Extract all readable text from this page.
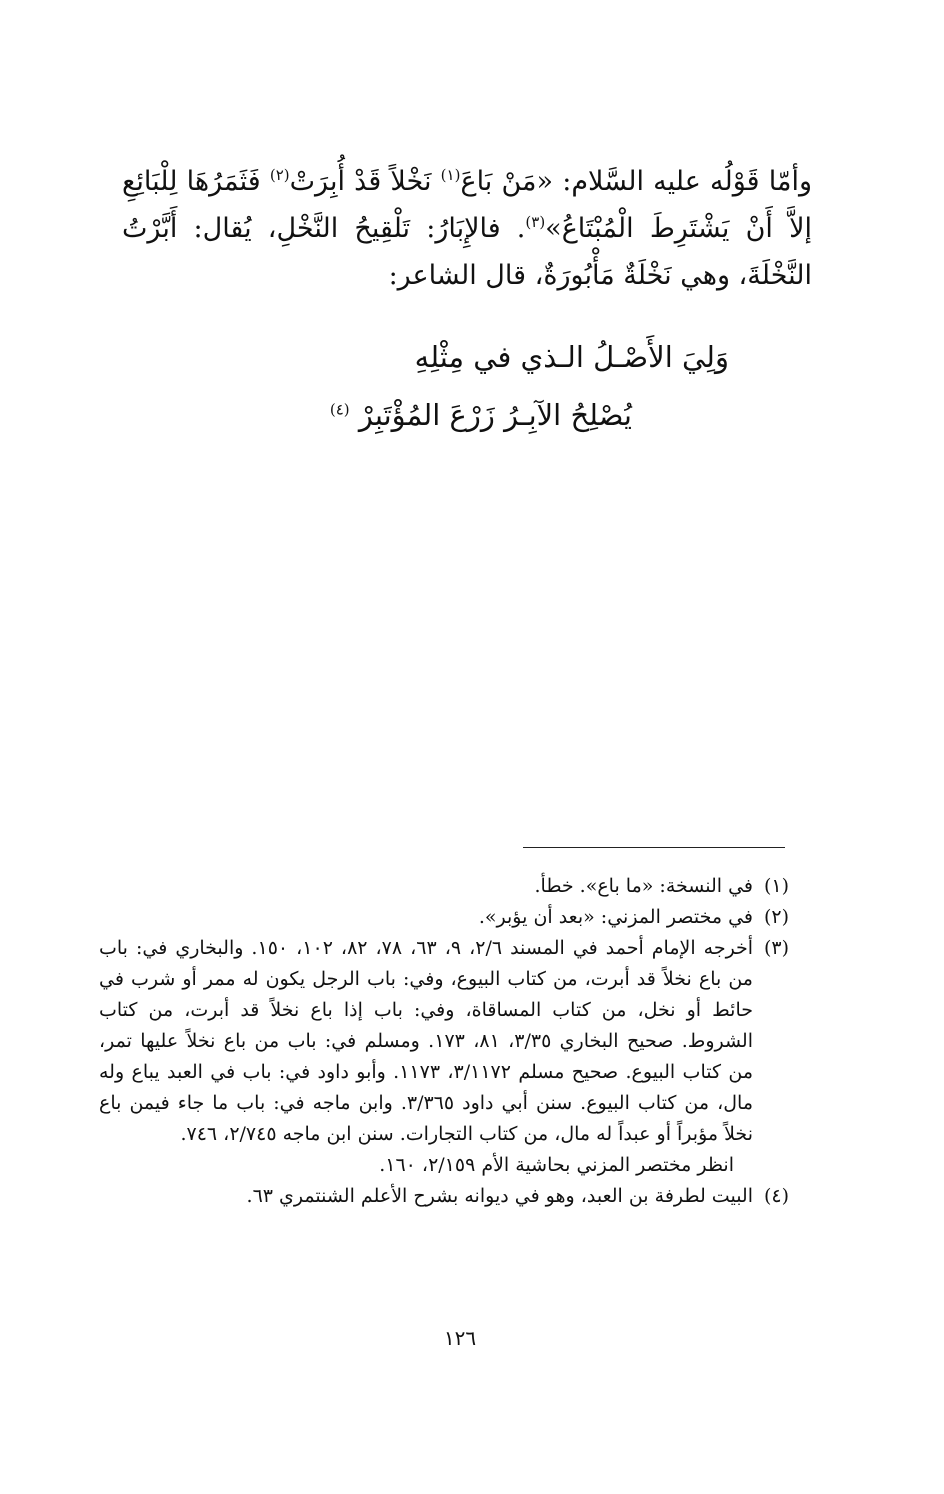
وأمّا قَوْلُه عليه السَّلام: «مَنْ بَاعَ$^{(١)}$ نَخْلاً قَدْ أُبِرَتْ$^{(٢)}$ فَثَمَرُهَا لِلْبَائِعِ إلاَّ أَنْ يَشْتَرِطَ الْمُبْتَاعُ»$^{(٣)}$. فالإِبَارُ: تَلْقِيحُ النَّخْلِ، يُقال: أَبَّرْتُ النَّخْلَةَ، وهي نَخْلَةٌ مَأْبُورَةٌ، قال الشاعر:

وَلِيَ الأَصْـلُ الـذي في مِثْلِهِ

يُصْلِحُ الآبِـرُ زَرْعَ المُؤْتَبِرْ $^{(٤)}$

(١)
في النسخة: «ما باع». خطأ.

(٢)
في مختصر المزني: «بعد أن يؤبر».

(٣)
أخرجه الإمام أحمد في المسند ٢/٦، ٩، ٦٣، ٧٨، ٨٢، ١٠٢، ١٥٠. والبخاري في: باب من باع نخلاً قد أبرت، من كتاب البيوع، وفي: باب الرجل يكون له ممر أو شرب في حائط أو نخل، من كتاب المساقاة، وفي: باب إذا باع نخلاً قد أبرت، من كتاب الشروط. صحيح البخاري ٣/٣٥، ٨١، ١٧٣. ومسلم في: باب من باع نخلاً عليها تمر، من كتاب البيوع. صحيح مسلم ٣/١١٧٢، ١١٧٣. وأبو داود في: باب في العبد يباع وله مال، من كتاب البيوع. سنن أبي داود ٣/٣٦٥. وابن ماجه في: باب ما جاء فيمن باع نخلاً مؤبراً أو عبداً له مال، من كتاب التجارات. سنن ابن ماجه ٢/٧٤٥، ٧٤٦.

انظر مختصر المزني بحاشية الأم ٢/١٥٩، ١٦٠.

(٤)
البيت لطرفة بن العبد، وهو في ديوانه بشرح الأعلم الشنتمري ٦٣.

١٢٦
